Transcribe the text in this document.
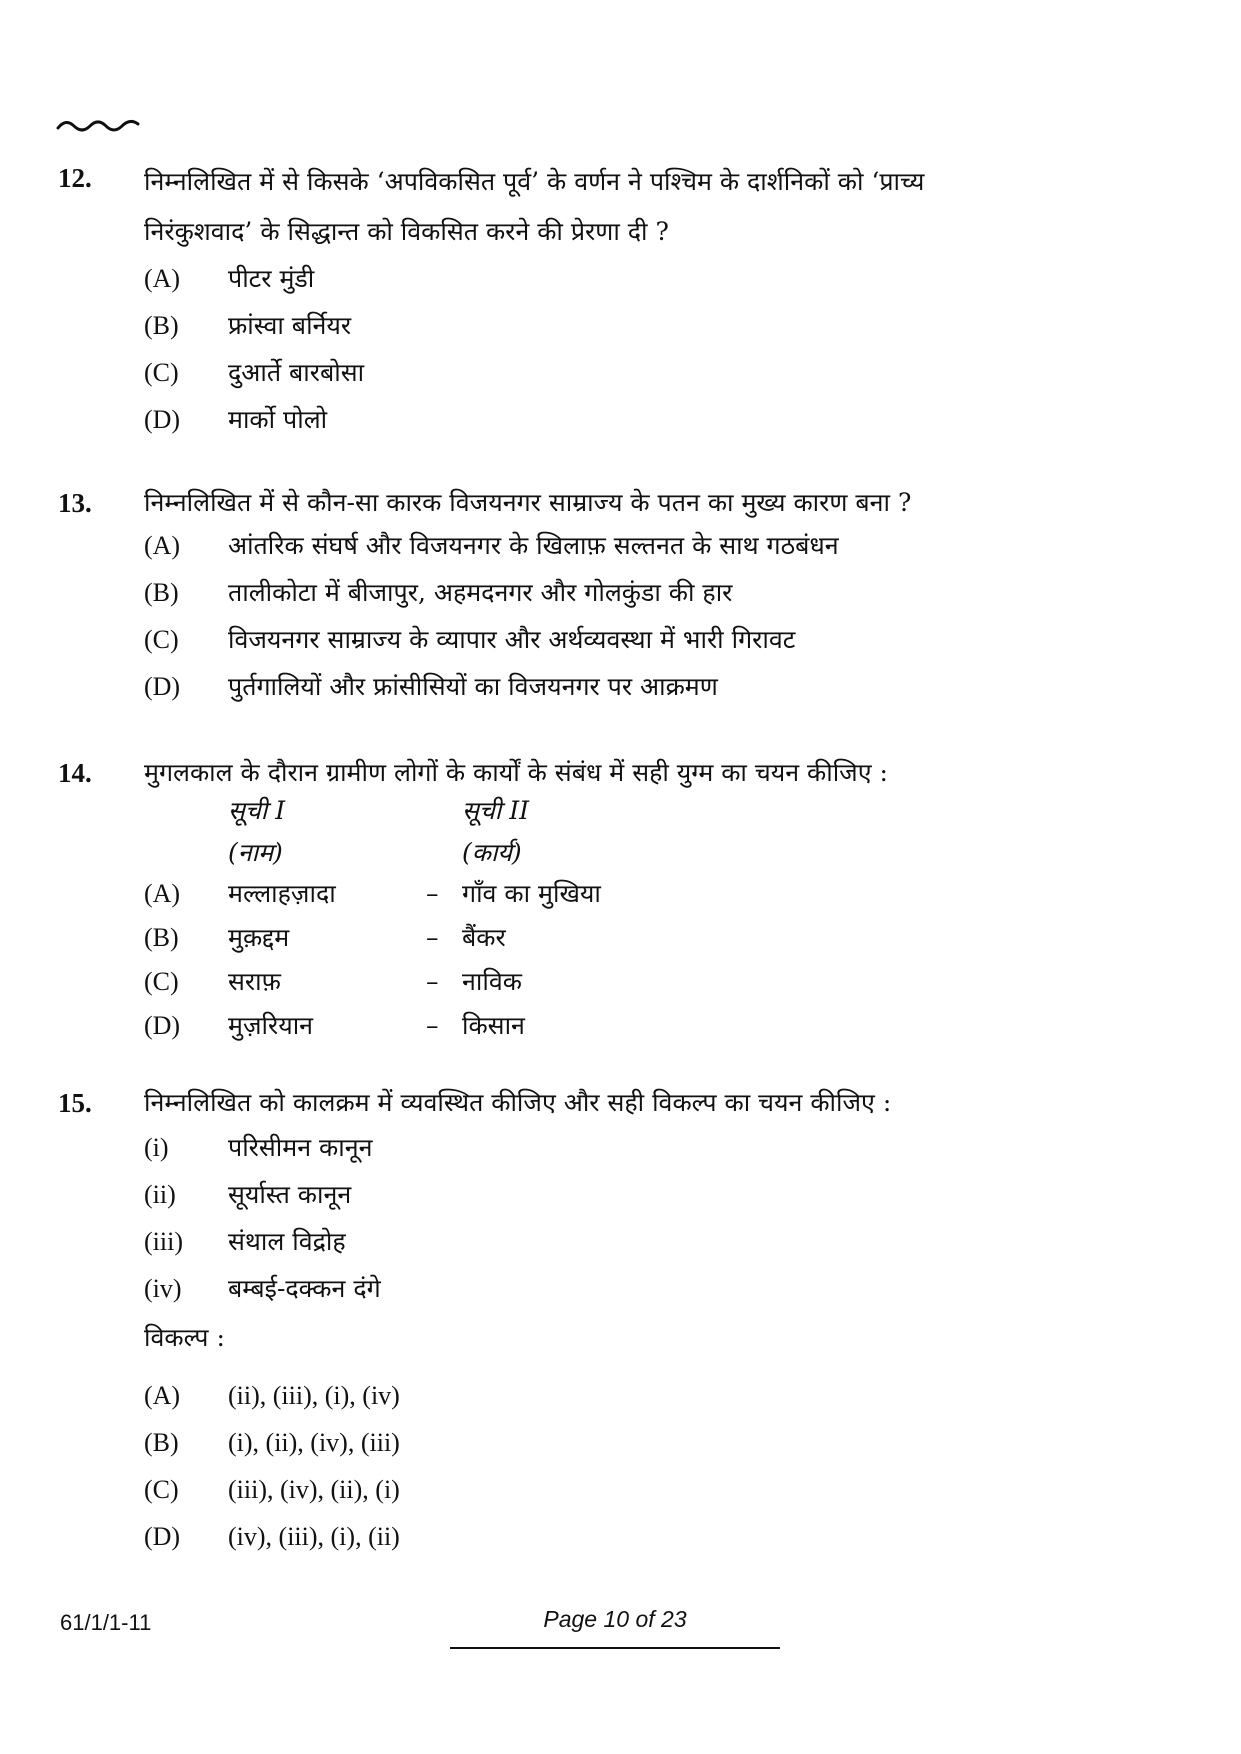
12. निम्नलिखित में से किसके ‘अपविकसित पूर्व’ के वर्णन ने पश्चिम के दार्शनिकों को ‘प्राच्य

निरंकुशवाद’ के सिद्धान्त को विकसित करने की प्रेरणा दी ?

(A) पीटर मुंडी
(B) फ्रांस्वा बर्नियर
(C) दुआर्ते बारबोसा
(D) मार्को पोलो
13. निम्नलिखित में से कौन-सा कारक विजयनगर साम्राज्य के पतन का मुख्य कारण बना ?

(A) आंतरिक संघर्ष और विजयनगर के खिलाफ़ सल्तनत के साथ गठबंधन
(B) तालीकोटा में बीजापुर, अहमदनगर और गोलकुंडा की हार
(C) विजयनगर साम्राज्य के व्यापार और अर्थव्यवस्था में भारी गिरावट
(D) पुर्तगालियों और फ्रांसीसियों का विजयनगर पर आक्रमण
14. मुगलकाल के दौरान ग्रामीण लोगों के कार्यों के संबंध में सही युग्म का चयन कीजिए :

सूची I	सूची II
(नाम)	(कार्य)
(A) मल्लाहज़ादा	– गाँव का मुखिया
(B) मुक़द्दम	– बैंकर
(C) सराफ़	– नाविक
(D) मुज़रियान	– किसान
15. निम्नलिखित को कालक्रम में व्यवस्थित कीजिए और सही विकल्प का चयन कीजिए :

(i) परिसीमन कानून
(ii) सूर्यास्त कानून
(iii) संथाल विद्रोह
(iv) बम्बई-दक्कन दंगे
विकल्प :
(A) (ii), (iii), (i), (iv)
(B) (i), (ii), (iv), (iii)
(C) (iii), (iv), (ii), (i)
(D) (iv), (iii), (i), (ii)
61/1/1-11	Page 10 of 23
